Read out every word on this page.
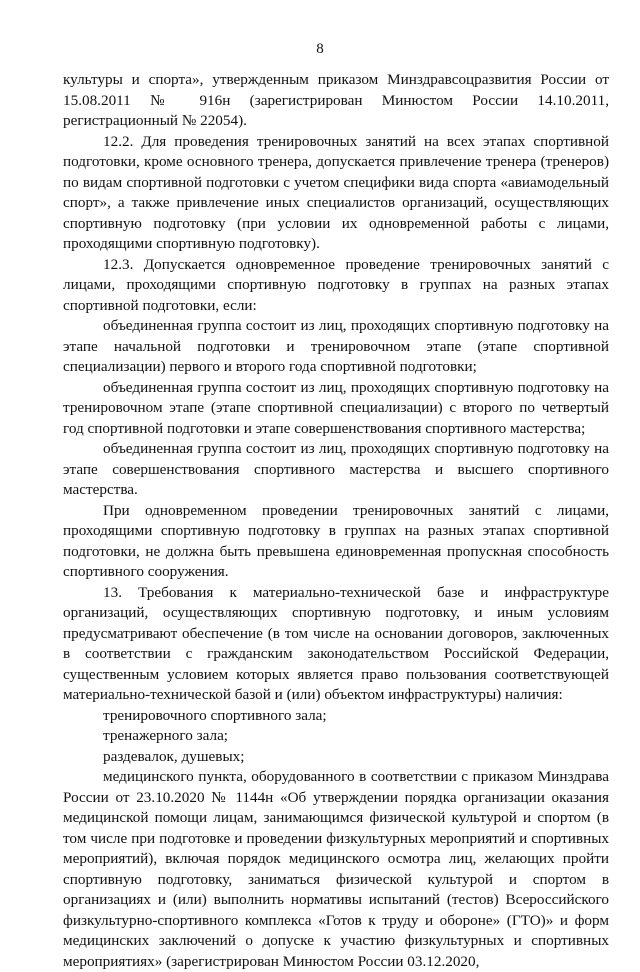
8

культуры и спорта», утвержденным приказом Минздравсоцразвития России от 15.08.2011 № 916н (зарегистрирован Минюстом России 14.10.2011, регистрационный № 22054).

12.2. Для проведения тренировочных занятий на всех этапах спортивной подготовки, кроме основного тренера, допускается привлечение тренера (тренеров) по видам спортивной подготовки с учетом специфики вида спорта «авиамодельный спорт», а также привлечение иных специалистов организаций, осуществляющих спортивную подготовку (при условии их одновременной работы с лицами, проходящими спортивную подготовку).

12.3. Допускается одновременное проведение тренировочных занятий с лицами, проходящими спортивную подготовку в группах на разных этапах спортивной подготовки, если:

объединенная группа состоит из лиц, проходящих спортивную подготовку на этапе начальной подготовки и тренировочном этапе (этапе спортивной специализации) первого и второго года спортивной подготовки;

объединенная группа состоит из лиц, проходящих спортивную подготовку на тренировочном этапе (этапе спортивной специализации) с второго по четвертый год спортивной подготовки и этапе совершенствования спортивного мастерства;

объединенная группа состоит из лиц, проходящих спортивную подготовку на этапе совершенствования спортивного мастерства и высшего спортивного мастерства.

При одновременном проведении тренировочных занятий с лицами, проходящими спортивную подготовку в группах на разных этапах спортивной подготовки, не должна быть превышена единовременная пропускная способность спортивного сооружения.

13. Требования к материально-технической базе и инфраструктуре организаций, осуществляющих спортивную подготовку, и иным условиям предусматривают обеспечение (в том числе на основании договоров, заключенных в соответствии с гражданским законодательством Российской Федерации, существенным условием которых является право пользования соответствующей материально-технической базой и (или) объектом инфраструктуры) наличия:

тренировочного спортивного зала;

тренажерного зала;

раздевалок, душевых;

медицинского пункта, оборудованного в соответствии с приказом Минздрава России от 23.10.2020 № 1144н «Об утверждении порядка организации оказания медицинской помощи лицам, занимающимся физической культурой и спортом (в том числе при подготовке и проведении физкультурных мероприятий и спортивных мероприятий), включая порядок медицинского осмотра лиц, желающих пройти спортивную подготовку, заниматься физической культурой и спортом в организациях и (или) выполнить нормативы испытаний (тестов) Всероссийского физкультурно-спортивного комплекса «Готов к труду и обороне» (ГТО)» и форм медицинских заключений о допуске к участию физкультурных и спортивных мероприятиях» (зарегистрирован Минюстом России 03.12.2020,
